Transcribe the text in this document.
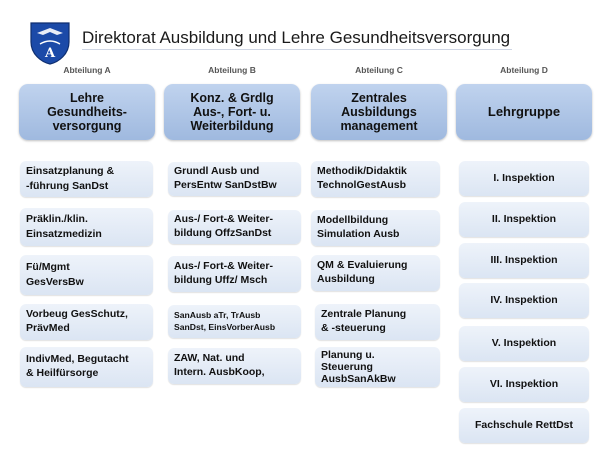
A
Direktorat Ausbildung und Lehre Gesundheitsversorgung
Abteilung A
Lehre
Gesundheits-
versorgung
Einsatzplanung &
-führung SanDst
Präklin./klin.
Einsatzmedizin
Fü/Mgmt
GesVersBw
Vorbeug GesSchutz,
PrävMed
IndivMed, Begutacht
& Heilfürsorge
Abteilung B
Konz. & Grdlg
Aus-, Fort- u.
Weiterbildung
Grundl Ausb und
PersEntw SanDstBw
Aus-/ Fort-& Weiter-
bildung OffzSanDst
Aus-/ Fort-& Weiter-
bildung Uffz/ Msch
SanAusb aTr, TrAusb
SanDst, EinsVorberAusb
ZAW, Nat. und
Intern. AusbKoop,
Abteilung C
Zentrales
Ausbildungs
management
Methodik/Didaktik
TechnolGestAusb
Modellbildung
Simulation Ausb
QM & Evaluierung
Ausbildung
Zentrale Planung
& -steuerung
Planung u.
Steuerung
AusbSanAkBw
Abteilung D
Lehrgruppe
I. Inspektion
II. Inspektion
III. Inspektion
IV. Inspektion
V. Inspektion
VI. Inspektion
Fachschule RettDst
